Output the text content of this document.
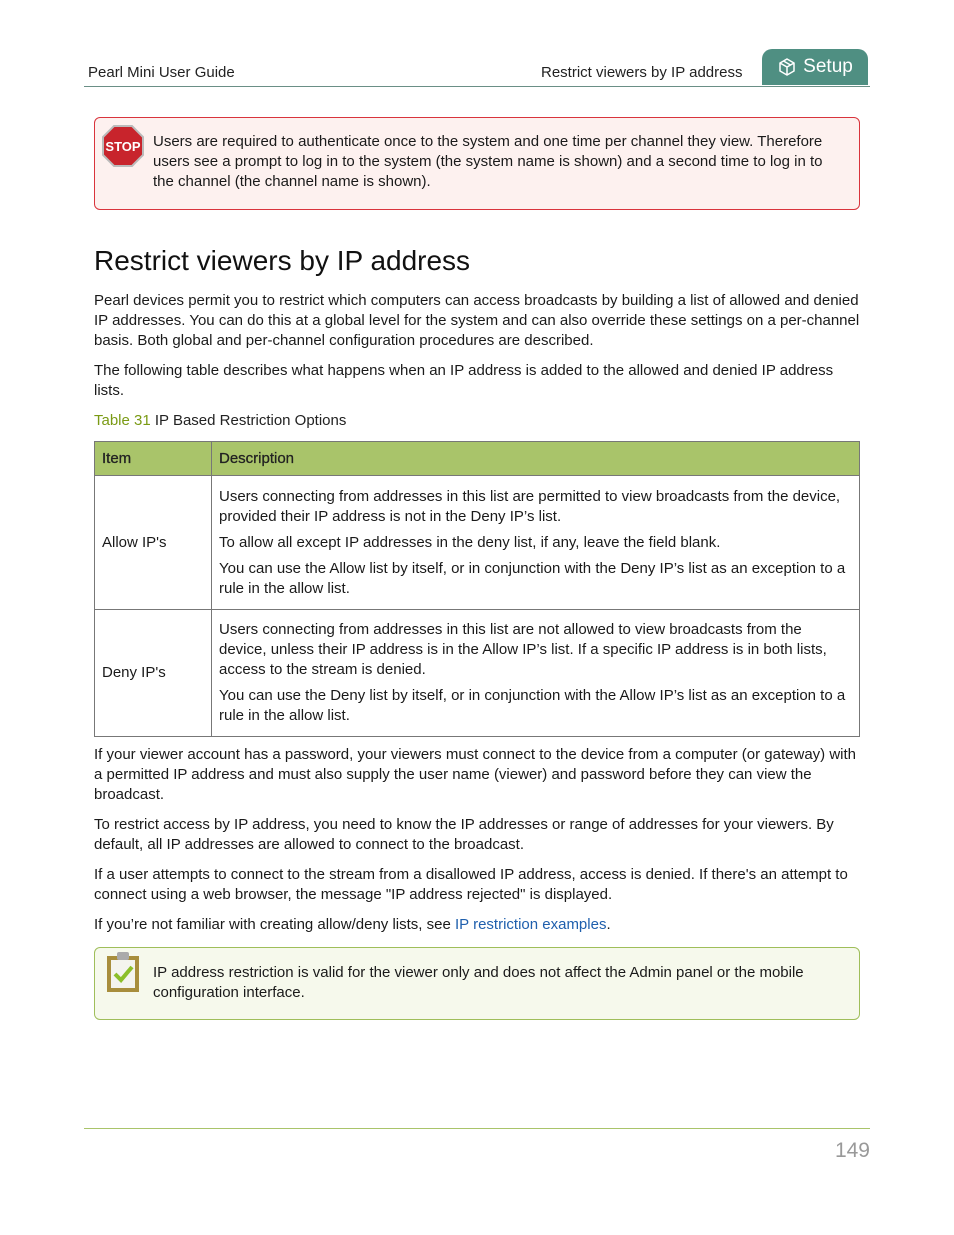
Pearl Mini User Guide	Restrict viewers by IP address	Setup
STOP Users are required to authenticate once to the system and one time per channel they view. Therefore users see a prompt to log in to the system (the system name is shown) and a second time to log in to the channel (the channel name is shown).
Restrict viewers by IP address
Pearl devices permit you to restrict which computers can access broadcasts by building a list of allowed and denied IP addresses. You can do this at a global level for the system and can also override these settings on a per-channel basis. Both global and per-channel configuration procedures are described.
The following table describes what happens when an IP address is added to the allowed and denied IP address lists.
Table 31 IP Based Restriction Options
Item	Description
Allow IP's	Users connecting from addresses in this list are permitted to view broadcasts from the device, provided their IP address is not in the Deny IP’s list.

To allow all except IP addresses in the deny list, if any, leave the field blank.

You can use the Allow list by itself, or in conjunction with the Deny IP’s list as an exception to a rule in the allow list.

Deny IP's	Users connecting from addresses in this list are not allowed to view broadcasts from the device, unless their IP address is in the Allow IP’s list. If a specific IP address is in both lists, access to the stream is denied.

You can use the Deny list by itself, or in conjunction with the Allow IP’s list as an exception to a rule in the allow list.

If your viewer account has a password, your viewers must connect to the device from a computer (or gateway) with a permitted IP address and must also supply the user name (viewer) and password before they can view the broadcast.
To restrict access by IP address, you need to know the IP addresses or range of addresses for your viewers. By default, all IP addresses are allowed to connect to the broadcast.
If a user attempts to connect to the stream from a disallowed IP address, access is denied. If there's an attempt to connect using a web browser, the message "IP address rejected" is displayed.
If you’re not familiar with creating allow/deny lists, see IP restriction examples.
IP address restriction is valid for the viewer only and does not affect the Admin panel or the mobile configuration interface.
149
